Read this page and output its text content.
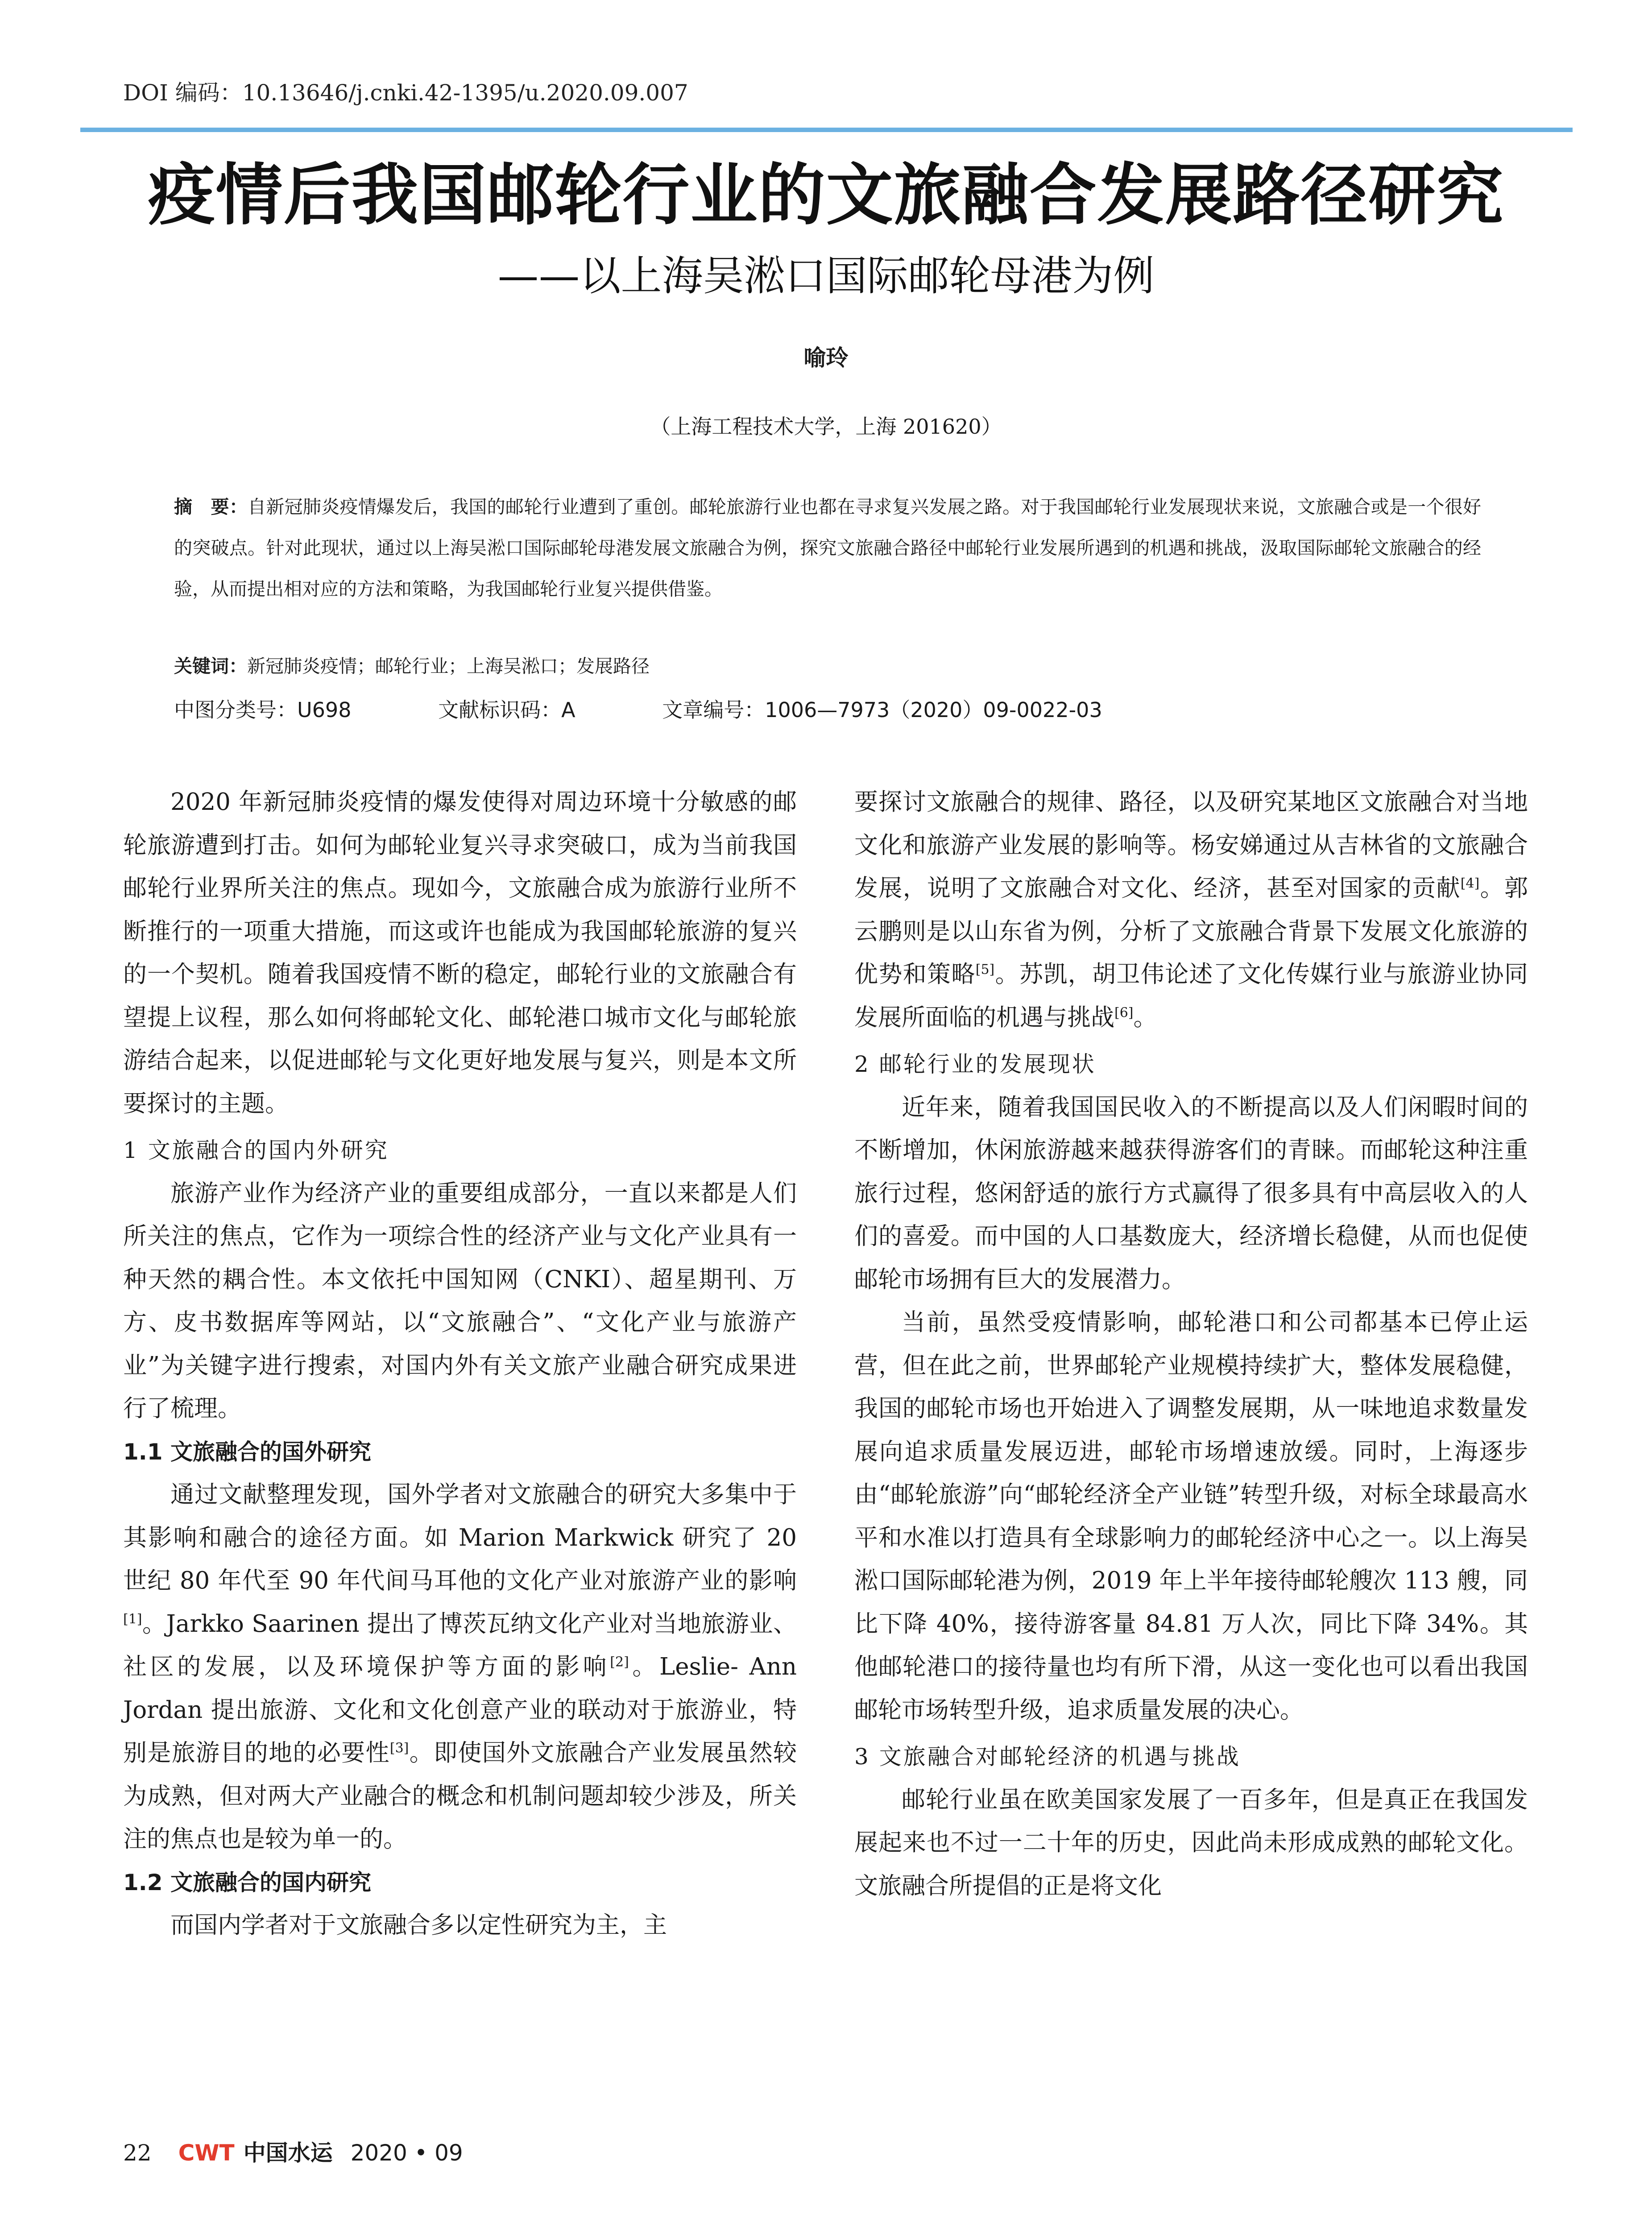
DOI 编码：10.13646/j.cnki.42-1395/u.2020.09.007
疫情后我国邮轮行业的文旅融合发展路径研究
——以上海吴淞口国际邮轮母港为例
喻玲
（上海工程技术大学，上海 201620）
摘　要：自新冠肺炎疫情爆发后，我国的邮轮行业遭到了重创。邮轮旅游行业也都在寻求复兴发展之路。对于我国邮轮行业发展现状来说，文旅融合或是一个很好的突破点。针对此现状，通过以上海吴淞口国际邮轮母港发展文旅融合为例，探究文旅融合路径中邮轮行业发展所遇到的机遇和挑战，汲取国际邮轮文旅融合的经验，从而提出相对应的方法和策略，为我国邮轮行业复兴提供借鉴。
关键词：新冠肺炎疫情；邮轮行业；上海吴淞口；发展路径
中图分类号：U698	文献标识码：A	文章编号：1006—7973（2020）09-0022-03

2020 年新冠肺炎疫情的爆发使得对周边环境十分敏感的邮轮旅游遭到打击。如何为邮轮业复兴寻求突破口，成为当前我国邮轮行业界所关注的焦点。现如今，文旅融合成为旅游行业所不断推行的一项重大措施，而这或许也能成为我国邮轮旅游的复兴的一个契机。随着我国疫情不断的稳定，邮轮行业的文旅融合有望提上议程，那么如何将邮轮文化、邮轮港口城市文化与邮轮旅游结合起来，以促进邮轮与文化更好地发展与复兴，则是本文所要探讨的主题。

1 文旅融合的国内外研究

旅游产业作为经济产业的重要组成部分，一直以来都是人们所关注的焦点，它作为一项综合性的经济产业与文化产业具有一种天然的耦合性。本文依托中国知网（CNKI）、超星期刊、万方、皮书数据库等网站，以“文旅融合”、“文化产业与旅游产业”为关键字进行搜索，对国内外有关文旅产业融合研究成果进行了梳理。

1.1 文旅融合的国外研究

通过文献整理发现，国外学者对文旅融合的研究大多集中于其影响和融合的途径方面。如 Marion Markwick 研究了 20 世纪 80 年代至 90 年代间马耳他的文化产业对旅游产业的影响[1]。Jarkko Saarinen 提出了博茨瓦纳文化产业对当地旅游业、社区的发展，以及环境保护等方面的影响[2]。Leslie- Ann Jordan 提出旅游、文化和文化创意产业的联动对于旅游业，特别是旅游目的地的必要性[3]。即使国外文旅融合产业发展虽然较为成熟，但对两大产业融合的概念和机制问题却较少涉及，所关注的焦点也是较为单一的。

1.2 文旅融合的国内研究

而国内学者对于文旅融合多以定性研究为主，主

要探讨文旅融合的规律、路径，以及研究某地区文旅融合对当地文化和旅游产业发展的影响等。杨安娣通过从吉林省的文旅融合发展，说明了文旅融合对文化、经济，甚至对国家的贡献[4]。郭云鹏则是以山东省为例，分析了文旅融合背景下发展文化旅游的优势和策略[5]。苏凯，胡卫伟论述了文化传媒行业与旅游业协同发展所面临的机遇与挑战[6]。

2 邮轮行业的发展现状

近年来，随着我国国民收入的不断提高以及人们闲暇时间的不断增加，休闲旅游越来越获得游客们的青睐。而邮轮这种注重旅行过程，悠闲舒适的旅行方式赢得了很多具有中高层收入的人们的喜爱。而中国的人口基数庞大，经济增长稳健，从而也促使邮轮市场拥有巨大的发展潜力。

当前，虽然受疫情影响，邮轮港口和公司都基本已停止运营，但在此之前，世界邮轮产业规模持续扩大，整体发展稳健，我国的邮轮市场也开始进入了调整发展期，从一味地追求数量发展向追求质量发展迈进，邮轮市场增速放缓。同时，上海逐步由“邮轮旅游”向“邮轮经济全产业链”转型升级，对标全球最高水平和水准以打造具有全球影响力的邮轮经济中心之一。以上海吴淞口国际邮轮港为例，2019 年上半年接待邮轮艘次 113 艘，同比下降 40%，接待游客量 84.81 万人次，同比下降 34%。其他邮轮港口的接待量也均有所下滑，从这一变化也可以看出我国邮轮市场转型升级，追求质量发展的决心。

3 文旅融合对邮轮经济的机遇与挑战

邮轮行业虽在欧美国家发展了一百多年，但是真正在我国发展起来也不过一二十年的历史，因此尚未形成成熟的邮轮文化。文旅融合所提倡的正是将文化

22 CWT 中国水运 2020 • 09
